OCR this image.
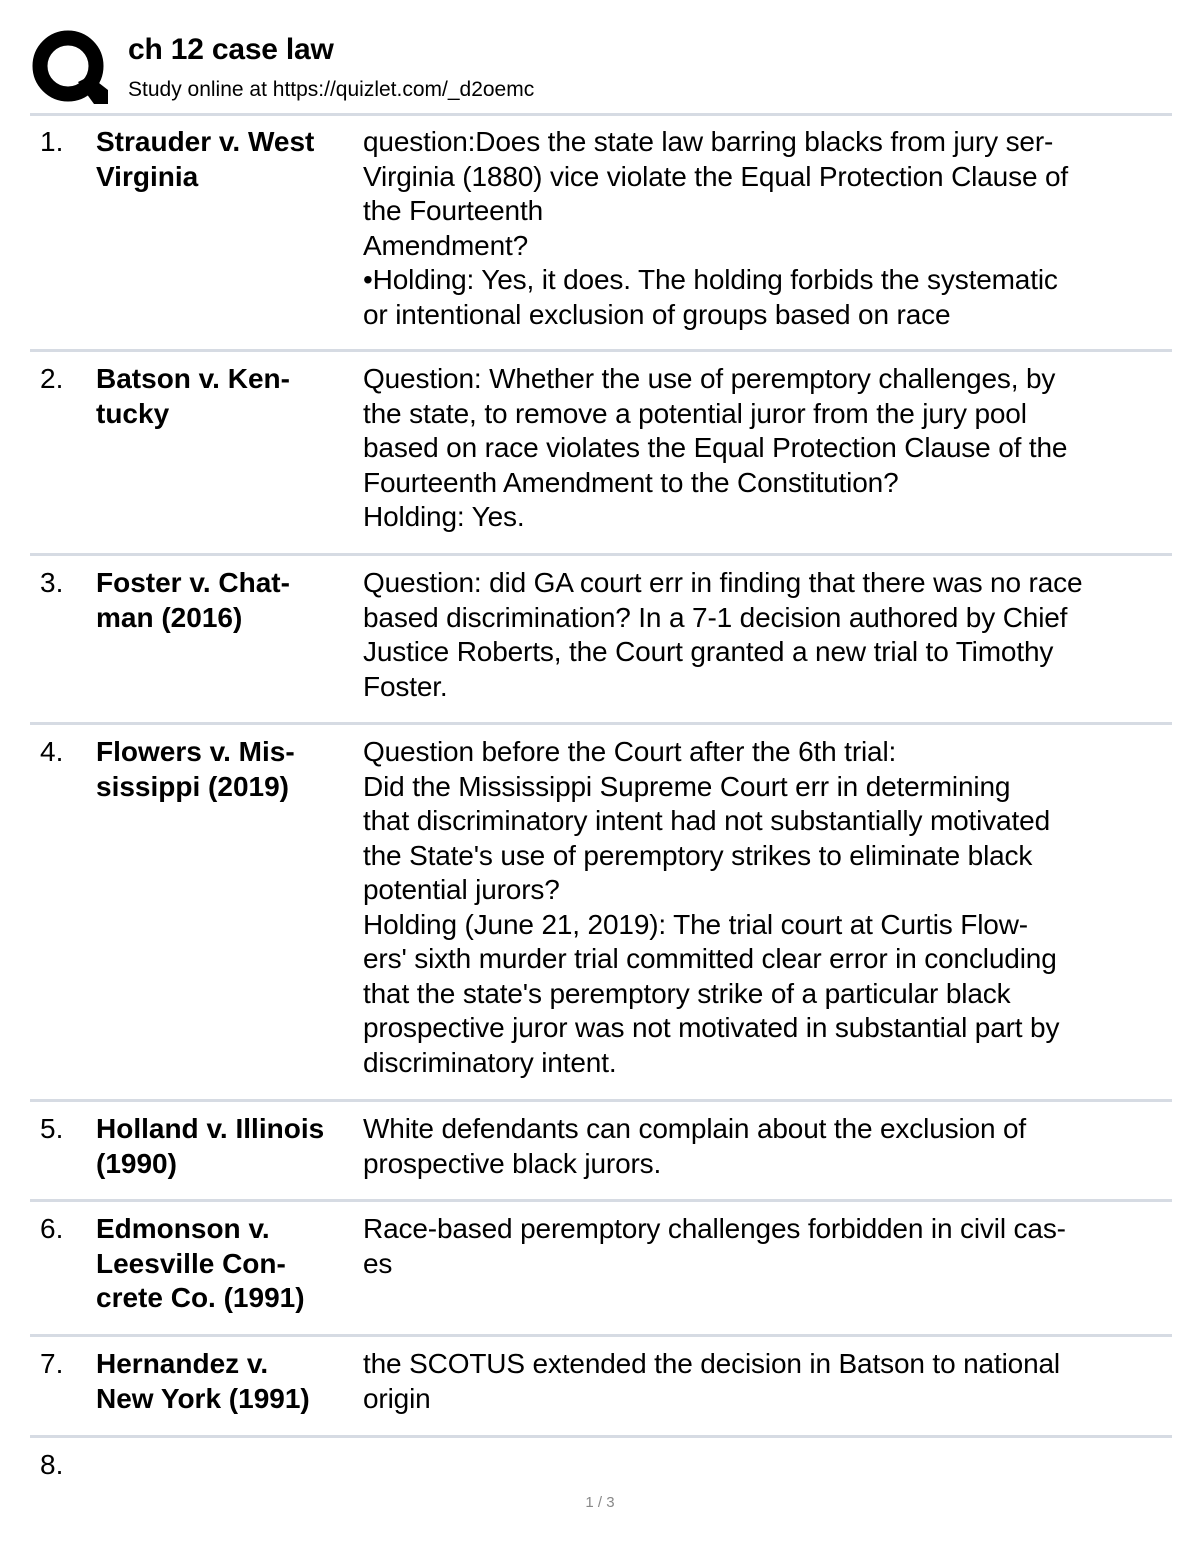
ch 12 case law
Study online at https://quizlet.com/_d2oemc
1. Strauder v. West Virginia
question:Does the state law barring blacks from jury ser-
Virginia (1880) vice violate the Equal Protection Clause of
the Fourteenth
Amendment?
•Holding: Yes, it does. The holding forbids the systematic
or intentional exclusion of groups based on race
2. Batson v. Ken-
tucky
Question: Whether the use of peremptory challenges, by
the state, to remove a potential juror from the jury pool
based on race violates the Equal Protection Clause of the
Fourteenth Amendment to the Constitution?
Holding: Yes.
3. Foster v. Chat-
man (2016)
Question: did GA court err in finding that there was no race
based discrimination? In a 7-1 decision authored by Chief
Justice Roberts, the Court granted a new trial to Timothy
Foster.
4. Flowers v. Mis-
sissippi (2019)
Question before the Court after the 6th trial:
Did the Mississippi Supreme Court err in determining
that discriminatory intent had not substantially motivated
the State's use of peremptory strikes to eliminate black
potential jurors?
Holding (June 21, 2019): The trial court at Curtis Flow-
ers' sixth murder trial committed clear error in concluding
that the state's peremptory strike of a particular black
prospective juror was not motivated in substantial part by
discriminatory intent.
5. Holland v. Illinois
(1990)
White defendants can complain about the exclusion of
prospective black jurors.
6. Edmonson v.
Leesville Con-
crete Co. (1991)
Race-based peremptory challenges forbidden in civil cas-
es
7. Hernandez v.
New York (1991)
the SCOTUS extended the decision in Batson to national
origin
8.
1 / 3
